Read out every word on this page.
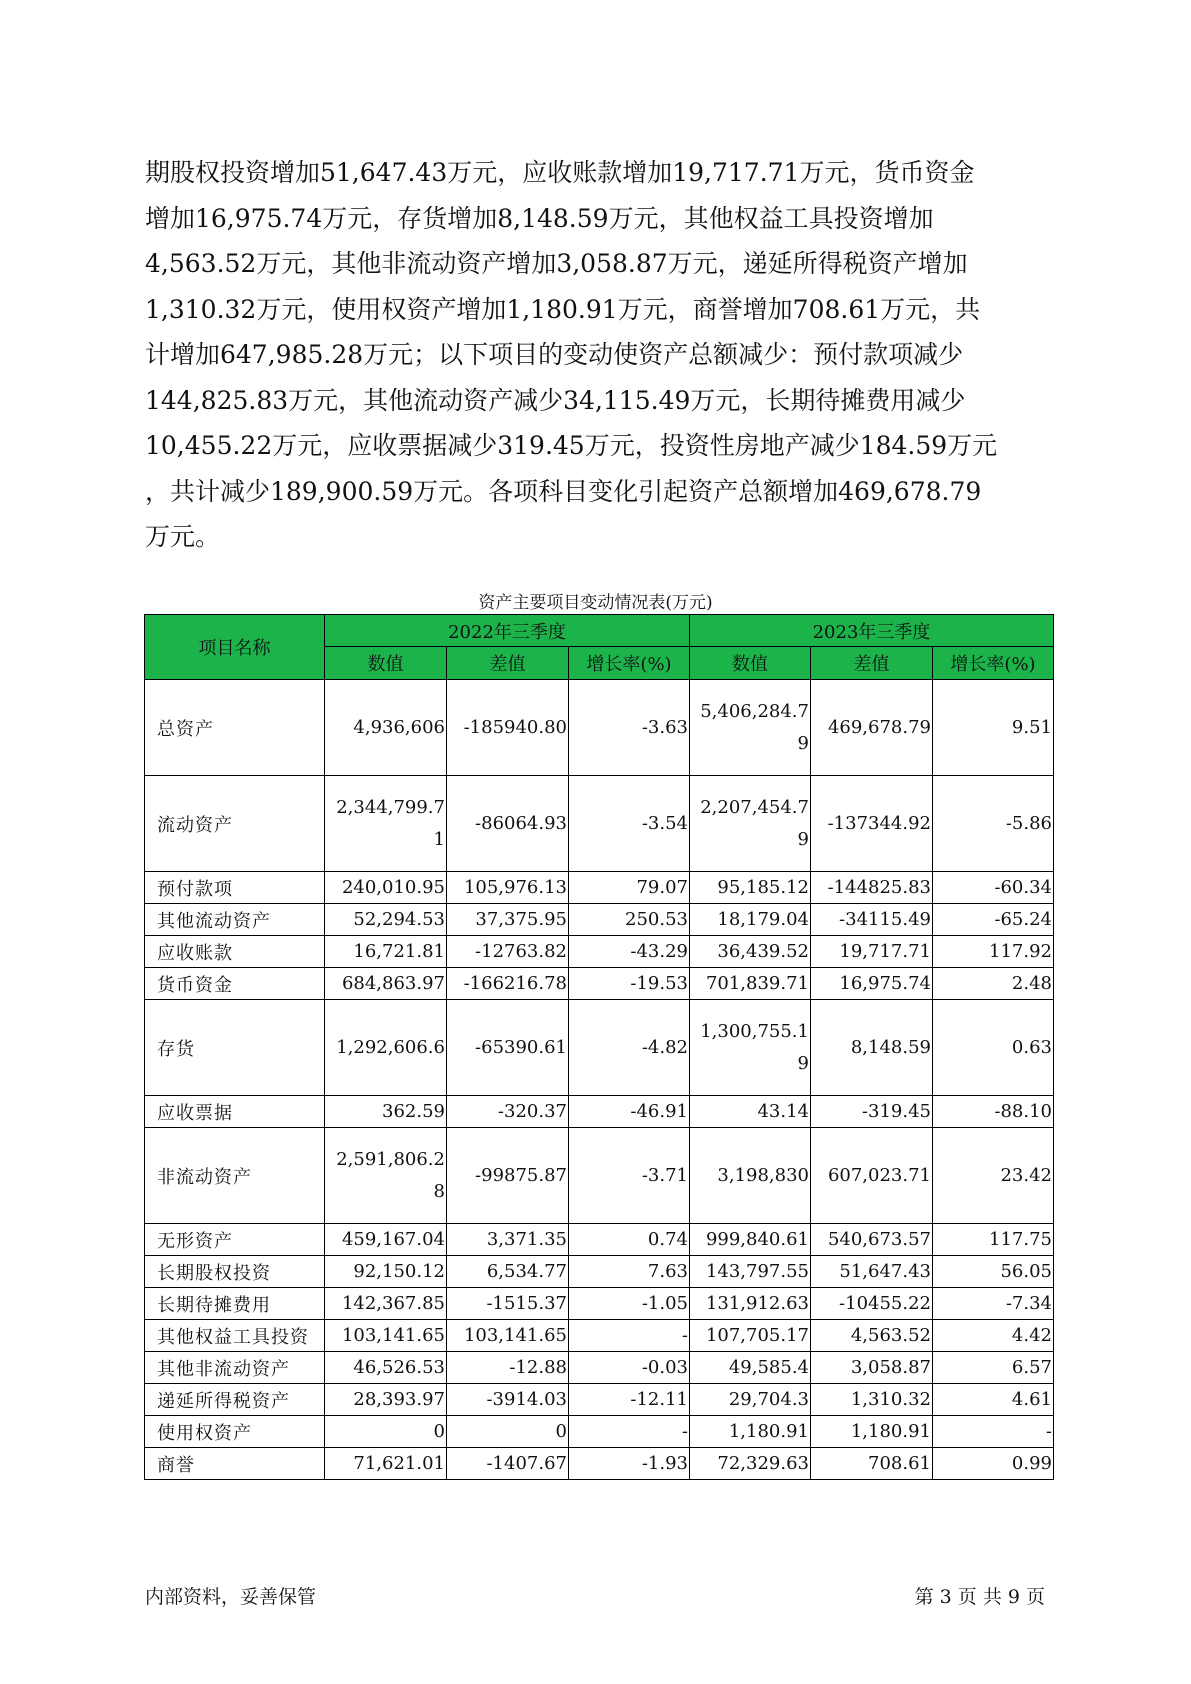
期股权投资增加51,647.43万元，应收账款增加19,717.71万元，货币资金

增加16,975.74万元，存货增加8,148.59万元，其他权益工具投资增加

4,563.52万元，其他非流动资产增加3,058.87万元，递延所得税资产增加

1,310.32万元，使用权资产增加1,180.91万元，商誉增加708.61万元，共

计增加647,985.28万元；以下项目的变动使资产总额减少：预付款项减少

144,825.83万元，其他流动资产减少34,115.49万元，长期待摊费用减少

10,455.22万元，应收票据减少319.45万元，投资性房地产减少184.59万元

，共计减少189,900.59万元。各项科目变化引起资产总额增加469,678.79

万元。

资产主要项目变动情况表(万元)
项目名称	2022年三季度			2023年三季度		
	数值	差值	增长率(%)	数值	差值	增长率(%)
总资产	4,936,606	-185940.80	-3.63	5,406,284.79	469,678.79	9.51

流动资产	2,344,799.71	-86064.93	-3.54	2,207,454.79	-137344.92	-5.86

预付款项	240,010.95	105,976.13	79.07	95,185.12	-144825.83	-60.34
其他流动资产	52,294.53	37,375.95	250.53	18,179.04	-34115.49	-65.24
应收账款	16,721.81	-12763.82	-43.29	36,439.52	19,717.71	117.92
货币资金	684,863.97	-166216.78	-19.53	701,839.71	16,975.74	2.48
存货	1,292,606.6	-65390.61	-4.82	1,300,755.19	8,148.59	0.63

应收票据	362.59	-320.37	-46.91	43.14	-319.45	-88.10
非流动资产	2,591,806.28	-99875.87	-3.71	3,198,830	607,023.71	23.42

无形资产	459,167.04	3,371.35	0.74	999,840.61	540,673.57	117.75
长期股权投资	92,150.12	6,534.77	7.63	143,797.55	51,647.43	56.05
长期待摊费用	142,367.85	-1515.37	-1.05	131,912.63	-10455.22	-7.34
其他权益工具投资	103,141.65	103,141.65	-	107,705.17	4,563.52	4.42
其他非流动资产	46,526.53	-12.88	-0.03	49,585.4	3,058.87	6.57
递延所得税资产	28,393.97	-3914.03	-12.11	29,704.3	1,310.32	4.61
使用权资产	0	0	-	1,180.91	1,180.91	-
商誉	71,621.01	-1407.67	-1.93	72,329.63	708.61	0.99
内部资料，妥善保管	第 3 页 共 9 页
